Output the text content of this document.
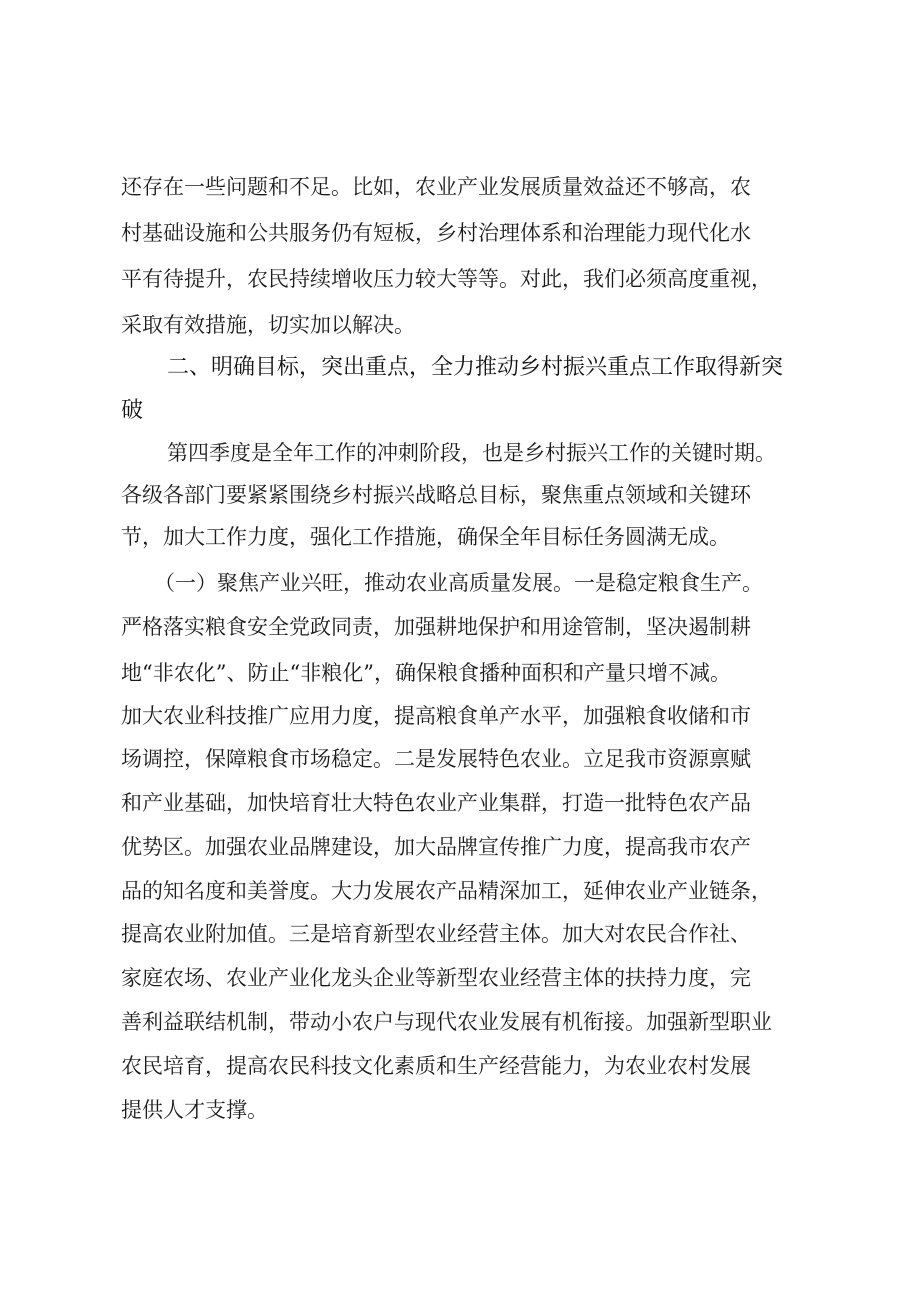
还存在一些问题和不足。比如，农业产业发展质量效益还不够高，农
村基础设施和公共服务仍有短板，乡村治理体系和治理能力现代化水
平有待提升，农民持续增收压力较大等等。对此，我们必须高度重视，
采取有效措施，切实加以解决。
二、明确目标，突出重点，全力推动乡村振兴重点工作取得新突
破
第四季度是全年工作的冲刺阶段，也是乡村振兴工作的关键时期。
各级各部门要紧紧围绕乡村振兴战略总目标，聚焦重点领域和关键环
节，加大工作力度，强化工作措施，确保全年目标任务圆满无成。
（一）聚焦产业兴旺，推动农业高质量发展。一是稳定粮食生产。
严格落实粮食安全党政同责，加强耕地保护和用途管制，坚决遏制耕
地“非农化”、防止“非粮化”，确保粮食播种面积和产量只增不减。
加大农业科技推广应用力度，提高粮食单产水平，加强粮食收储和市
场调控，保障粮食市场稳定。二是发展特色农业。立足我市资源禀赋
和产业基础，加快培育壮大特色农业产业集群，打造一批特色农产品
优势区。加强农业品牌建设，加大品牌宣传推广力度，提高我市农产
品的知名度和美誉度。大力发展农产品精深加工，延伸农业产业链条，
提高农业附加值。三是培育新型农业经营主体。加大对农民合作社、
家庭农场、农业产业化龙头企业等新型农业经营主体的扶持力度，完
善利益联结机制，带动小农户与现代农业发展有机衔接。加强新型职业
农民培育，提高农民科技文化素质和生产经营能力，为农业农村发展
提供人才支撑。
